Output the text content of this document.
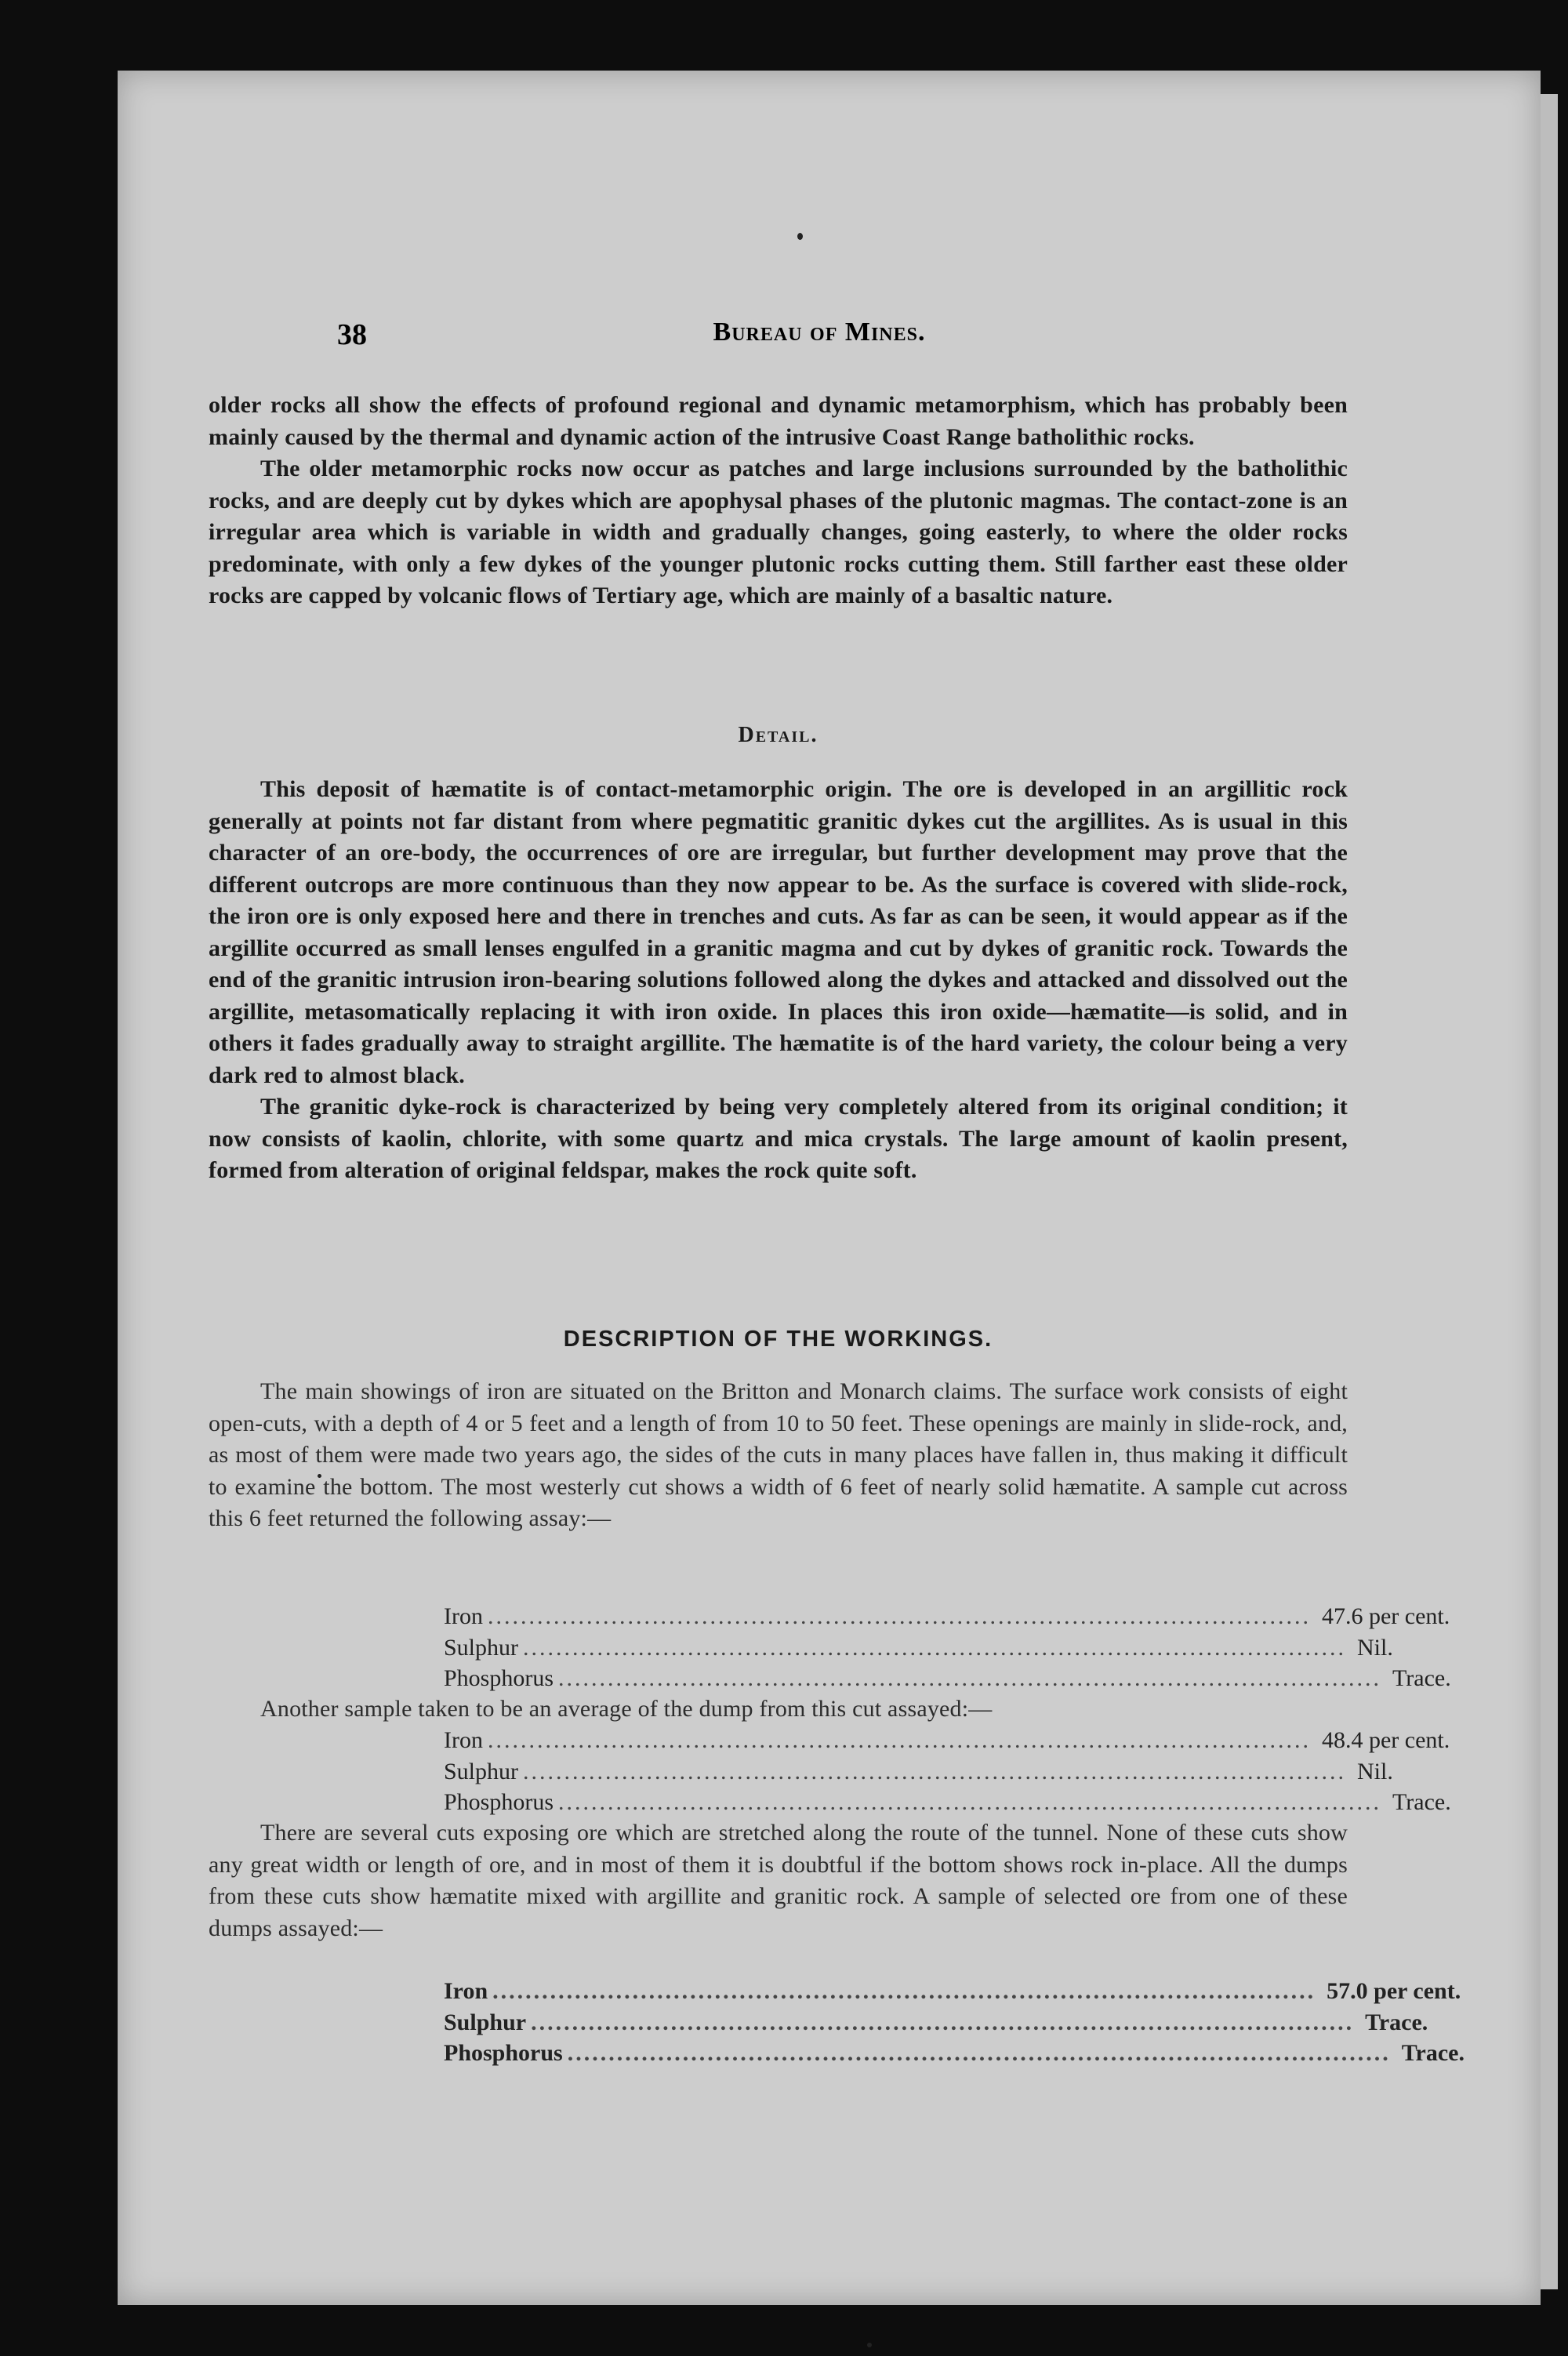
38	Bureau of Mines.

older rocks all show the effects of profound regional and dynamic metamorphism, which has probably been mainly caused by the thermal and dynamic action of the intrusive Coast Range batholithic rocks.

The older metamorphic rocks now occur as patches and large inclusions surrounded by the batholithic rocks, and are deeply cut by dykes which are apophysal phases of the plutonic magmas. The contact-zone is an irregular area which is variable in width and gradually changes, going easterly, to where the older rocks predominate, with only a few dykes of the younger plutonic rocks cutting them. Still farther east these older rocks are capped by volcanic flows of Tertiary age, which are mainly of a basaltic nature.

Detail.

This deposit of hæmatite is of contact-metamorphic origin. The ore is developed in an argillitic rock generally at points not far distant from where pegmatitic granitic dykes cut the argillites. As is usual in this character of an ore-body, the occurrences of ore are irregular, but further development may prove that the different outcrops are more continuous than they now appear to be. As the surface is covered with slide-rock, the iron ore is only exposed here and there in trenches and cuts. As far as can be seen, it would appear as if the argillite occurred as small lenses engulfed in a granitic magma and cut by dykes of granitic rock. Towards the end of the granitic intrusion iron-bearing solutions followed along the dykes and attacked and dissolved out the argillite, metasomatically replacing it with iron oxide. In places this iron oxide—hæmatite—is solid, and in others it fades gradually away to straight argillite. The hæmatite is of the hard variety, the colour being a very dark red to almost black.

The granitic dyke-rock is characterized by being very completely altered from its original condition; it now consists of kaolin, chlorite, with some quartz and mica crystals. The large amount of kaolin present, formed from alteration of original feldspar, makes the rock quite soft.

DESCRIPTION OF THE WORKINGS.

The main showings of iron are situated on the Britton and Monarch claims. The surface work consists of eight open-cuts, with a depth of 4 or 5 feet and a length of from 10 to 50 feet. These openings are mainly in slide-rock, and, as most of them were made two years ago, the sides of the cuts in many places have fallen in, thus making it difficult to examine the bottom. The most westerly cut shows a width of 6 feet of nearly solid hæmatite. A sample cut across this 6 feet returned the following assay:—

Iron .................................................................................................... 47.6 per cent.
Sulphur .................................................................................................... Nil.
Phosphorus .................................................................................................... Trace.

Another sample taken to be an average of the dump from this cut assayed:—

Iron .................................................................................................... 48.4 per cent.
Sulphur .................................................................................................... Nil.
Phosphorus .................................................................................................... Trace.

There are several cuts exposing ore which are stretched along the route of the tunnel. None of these cuts show any great width or length of ore, and in most of them it is doubtful if the bottom shows rock in-place. All the dumps from these cuts show hæmatite mixed with argillite and granitic rock. A sample of selected ore from one of these dumps assayed:—

Iron .................................................................................................... 57.0 per cent.
Sulphur .................................................................................................... Trace.
Phosphorus .................................................................................................... Trace.
